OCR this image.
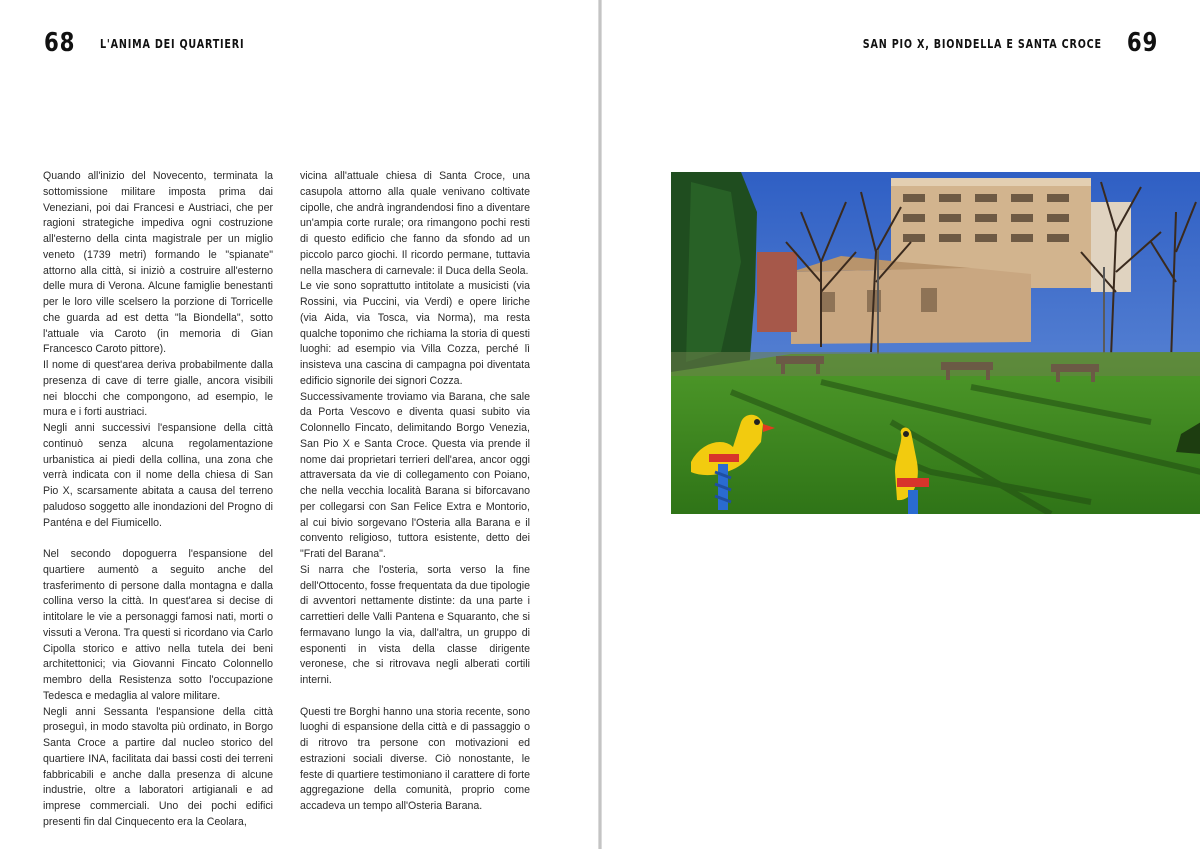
68 L'ANIMA DEI QUARTIERI

Quando all'inizio del Novecento, terminata la sottomissione militare imposta prima dai Veneziani, poi dai Francesi e Austriaci, che per ragioni strategiche impediva ogni costruzione all'esterno della cinta magistrale per un miglio veneto (1739 metri) formando le "spianate" attorno alla città, si iniziò a costruire all'esterno delle mura di Verona. Alcune famiglie benestanti per le loro ville scelsero la porzione di Torricelle che guarda ad est detta "la Biondella", sotto l'attuale via Caroto (in memoria di Gian Francesco Caroto pittore).

Il nome di quest'area deriva probabilmente dalla presenza di cave di terre gialle, ancora visibili nei blocchi che compongono, ad esempio, le mura e i forti austriaci.

Negli anni successivi l'espansione della città continuò senza alcuna regolamentazione urbanistica ai piedi della collina, una zona che verrà indicata con il nome della chiesa di San Pio X, scarsamente abitata a causa del terreno paludoso soggetto alle inondazioni del Progno di Panténa e del Fiumicello.

Nel secondo dopoguerra l'espansione del quartiere aumentò a seguito anche del trasferimento di persone dalla montagna e dalla collina verso la città. In quest'area si decise di intitolare le vie a personaggi famosi nati, morti o vissuti a Verona. Tra questi si ricordano via Carlo Cipolla storico e attivo nella tutela dei beni architettonici; via Giovanni Fincato Colonnello membro della Resistenza sotto l'occupazione Tedesca e medaglia al valore militare.

Negli anni Sessanta l'espansione della città proseguì, in modo stavolta più ordinato, in Borgo Santa Croce a partire dal nucleo storico del quartiere INA, facilitata dai bassi costi dei terreni fabbricabili e anche dalla presenza di alcune industrie, oltre a laboratori artigianali e ad imprese commerciali. Uno dei pochi edifici presenti fin dal Cinquecento era la Ceolara,

vicina all'attuale chiesa di Santa Croce, una casupola attorno alla quale venivano coltivate cipolle, che andrà ingrandendosi fino a diventare un'ampia corte rurale; ora rimangono pochi resti di questo edificio che fanno da sfondo ad un piccolo parco giochi. Il ricordo permane, tuttavia nella maschera di carnevale: il Duca della Seola.

Le vie sono soprattutto intitolate a musicisti (via Rossini, via Puccini, via Verdi) e opere liriche (via Aida, via Tosca, via Norma), ma resta qualche toponimo che richiama la storia di questi luoghi: ad esempio via Villa Cozza, perché lì insisteva una cascina di campagna poi diventata edificio signorile dei signori Cozza.

Successivamente troviamo via Barana, che sale da Porta Vescovo e diventa quasi subito via Colonnello Fincato, delimitando Borgo Venezia, San Pio X e Santa Croce. Questa via prende il nome dai proprietari terrieri dell'area, ancor oggi attraversata da vie di collegamento con Poiano, che nella vecchia località Barana si biforcavano per collegarsi con San Felice Extra e Montorio, al cui bivio sorgevano l'Osteria alla Barana e il convento religioso, tuttora esistente, detto dei "Frati del Barana".

Si narra che l'osteria, sorta verso la fine dell'Ottocento, fosse frequentata da due tipologie di avventori nettamente distinte: da una parte i carrettieri delle Valli Pantena e Squaranto, che si fermavano lungo la via, dall'altra, un gruppo di esponenti in vista della classe dirigente veronese, che si ritrovava negli alberati cortili interni.

Questi tre Borghi hanno una storia recente, sono luoghi di espansione della città e di passaggio o di ritrovo tra persone con motivazioni ed estrazioni sociali diverse. Ciò nonostante, le feste di quartiere testimoniano il carattere di forte aggregazione della comunità, proprio come accadeva un tempo all'Osteria Barana.

SAN PIO X, BIONDELLA E SANTA CROCE 69
